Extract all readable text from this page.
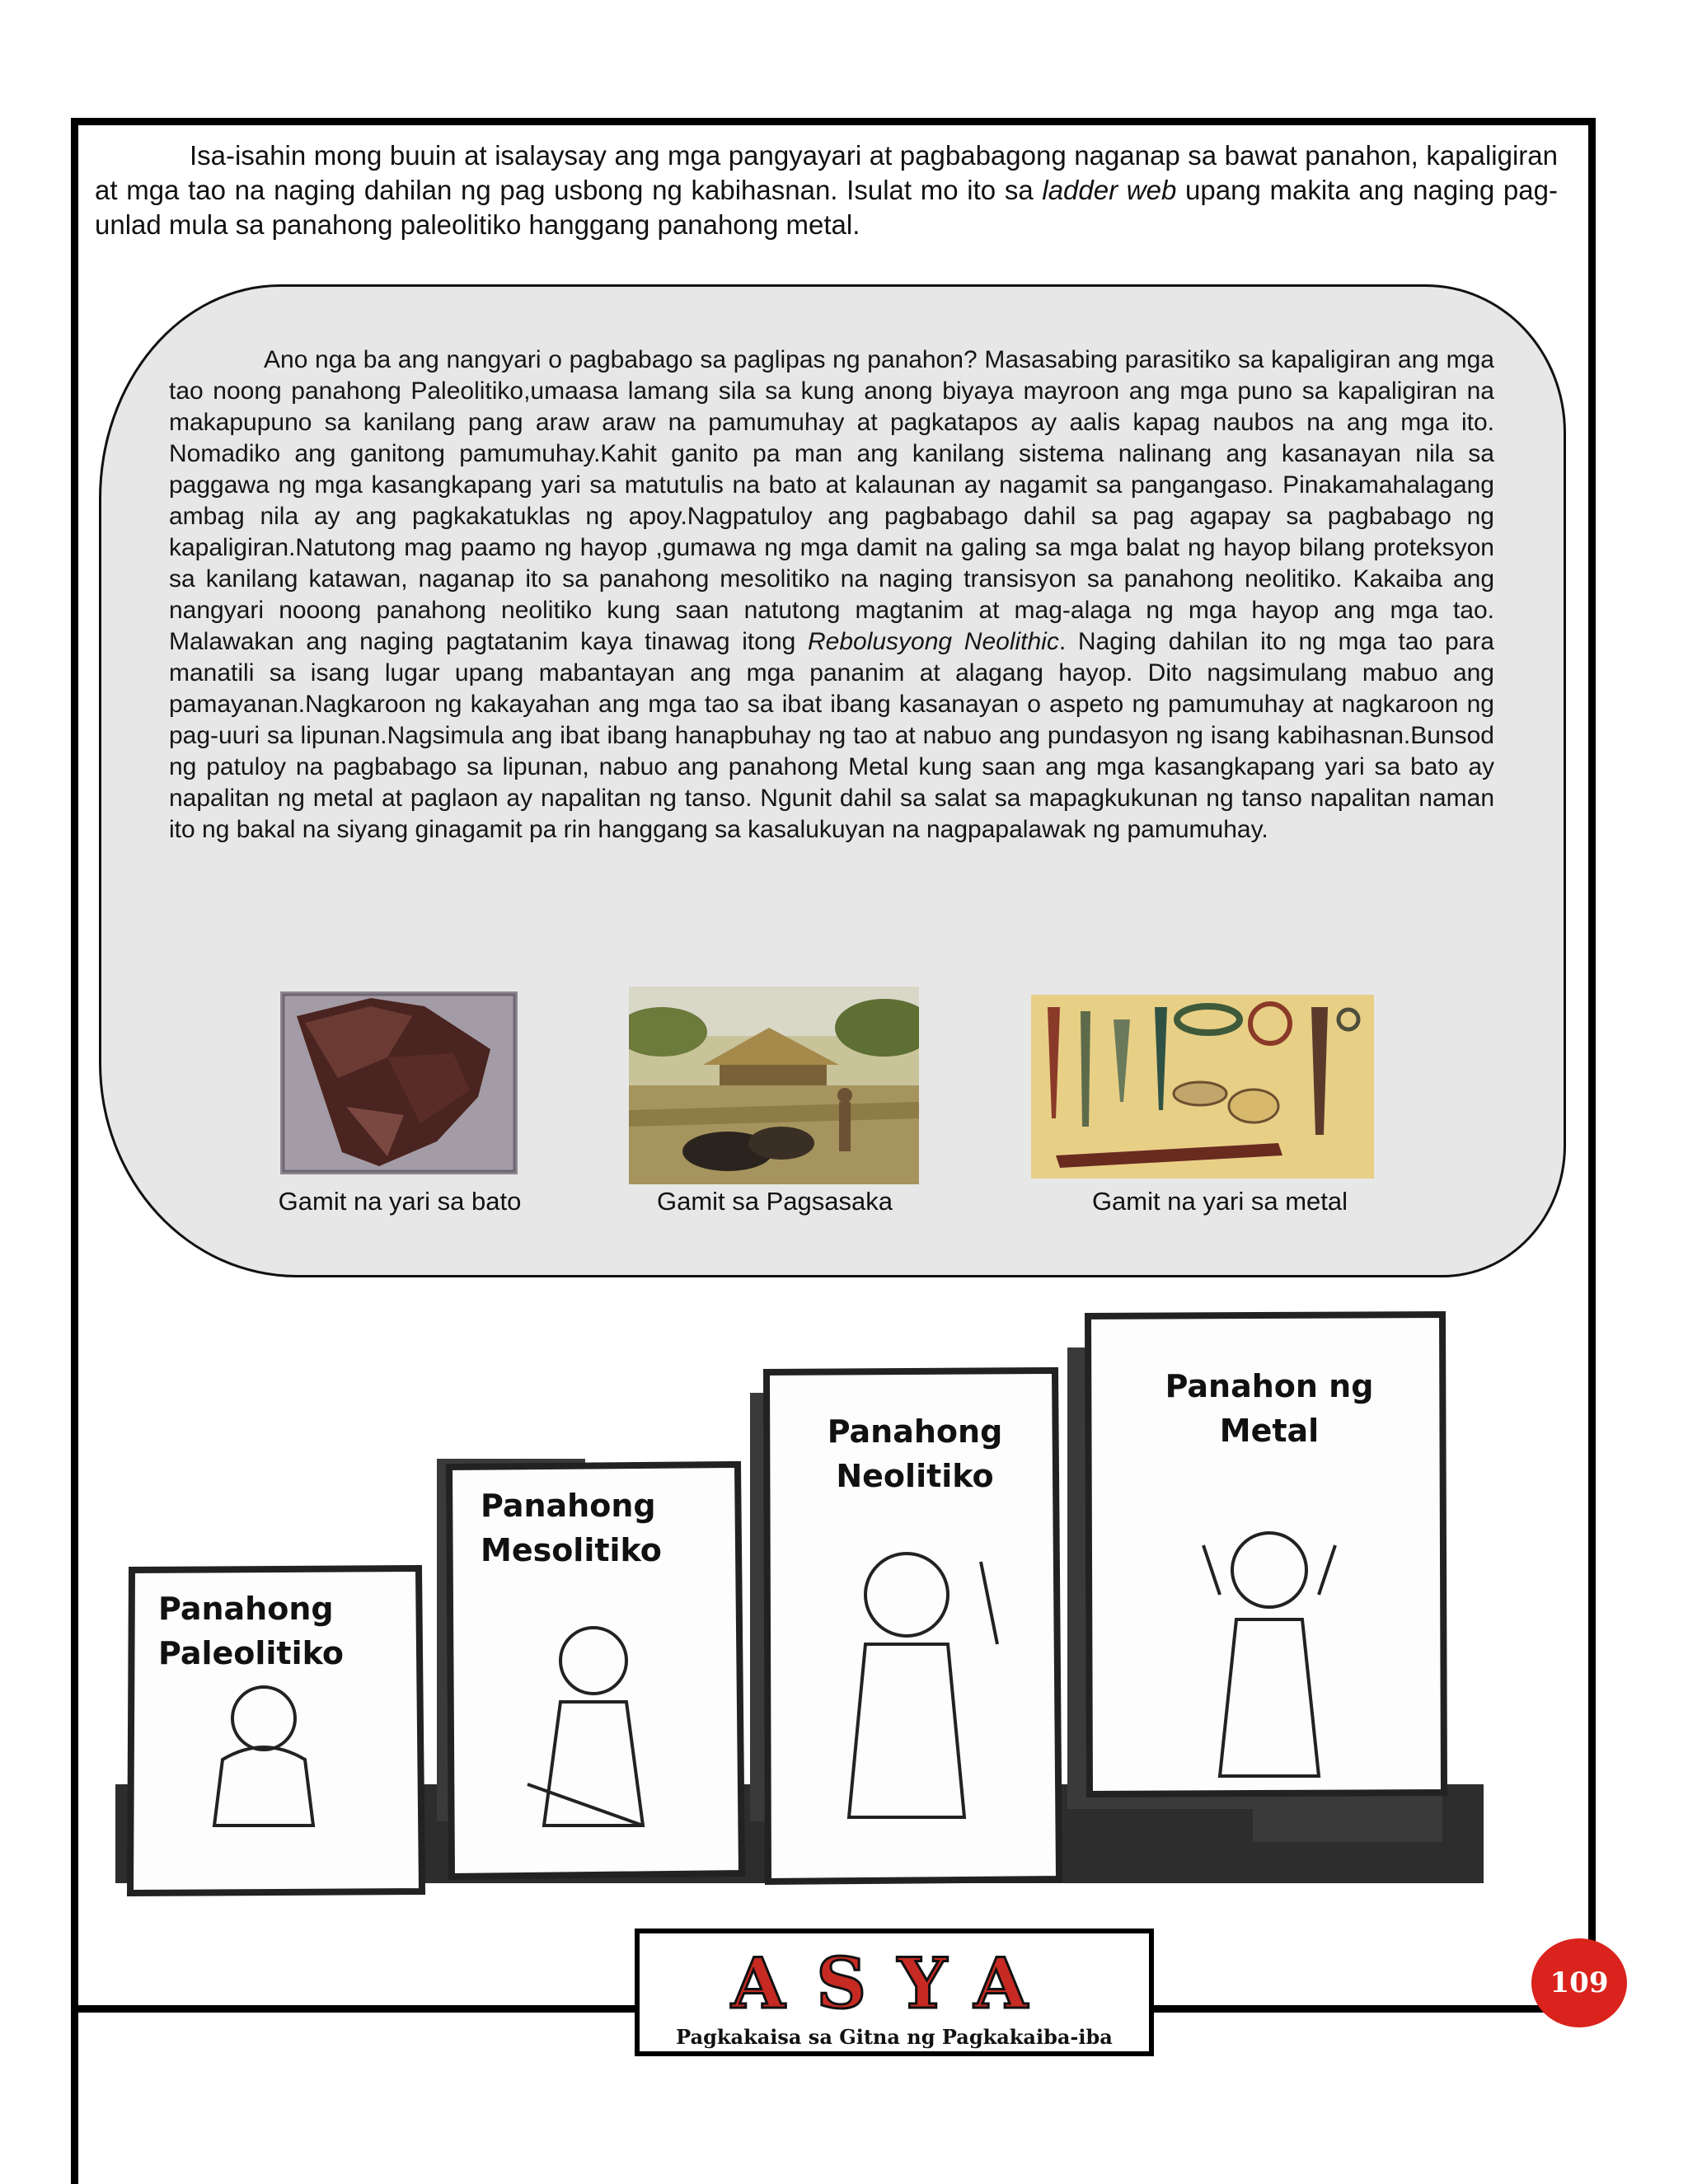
Isa-isahin mong buuin at isalaysay ang mga pangyayari at pagbabagong naganap sa bawat panahon, kapaligiran at mga tao na naging dahilan ng pag usbong ng kabihasnan. Isulat mo ito sa ladder web upang makita ang naging pag-unlad mula sa panahong paleolitiko hanggang panahong metal.

Ano nga ba ang nangyari o pagbabago sa paglipas ng panahon? Masasabing parasitiko sa kapaligiran ang mga tao noong panahong Paleolitiko,umaasa lamang sila sa kung anong biyaya mayroon ang mga puno sa kapaligiran na makapupuno sa kanilang pang araw araw na pamumuhay at pagkatapos ay aalis kapag naubos na ang mga ito. Nomadiko ang ganitong pamumuhay.Kahit ganito pa man ang kanilang sistema nalinang ang kasanayan nila sa paggawa ng mga kasangkapang yari sa matutulis na bato at kalaunan ay nagamit sa pangangaso. Pinakamahalagang ambag nila ay ang pagkakatuklas ng apoy.Nagpatuloy ang pagbabago dahil sa pag agapay sa pagbabago ng kapaligiran.Natutong mag paamo ng hayop ,gumawa ng mga damit na galing sa mga balat ng hayop bilang proteksyon sa kanilang katawan, naganap ito sa panahong mesolitiko na naging transisyon sa panahong neolitiko. Kakaiba ang nangyari nooong panahong neolitiko kung saan natutong magtanim at mag-alaga ng mga hayop ang mga tao. Malawakan ang naging pagtatanim kaya tinawag itong Rebolusyong Neolithic. Naging dahilan ito ng mga tao para manatili sa isang lugar upang mabantayan ang mga pananim at alagang hayop. Dito nagsimulang mabuo ang pamayanan.Nagkaroon ng kakayahan ang mga tao sa ibat ibang kasanayan o aspeto ng pamumuhay at nagkaroon ng pag-uuri sa lipunan.Nagsimula ang ibat ibang hanapbuhay ng tao at nabuo ang pundasyon ng isang kabihasnan.Bunsod ng patuloy na pagbabago sa lipunan, nabuo ang panahong Metal kung saan ang mga kasangkapang yari sa bato ay napalitan ng metal at paglaon ay napalitan ng tanso. Ngunit dahil sa salat sa mapagkukunan ng tanso napalitan naman ito ng bakal na siyang ginagamit pa rin hanggang sa kasalukuyan na nagpapalawak ng pamumuhay.

Gamit na yari sa bato	Gamit sa Pagsasaka	Gamit na yari sa metal
Panahong
Paleolitiko
Panahong
Mesolitiko
Panahong
Neolitiko
Panahon ng
Metal
ASYA
Pagkakaisa sa Gitna ng Pagkakaiba-iba
109
